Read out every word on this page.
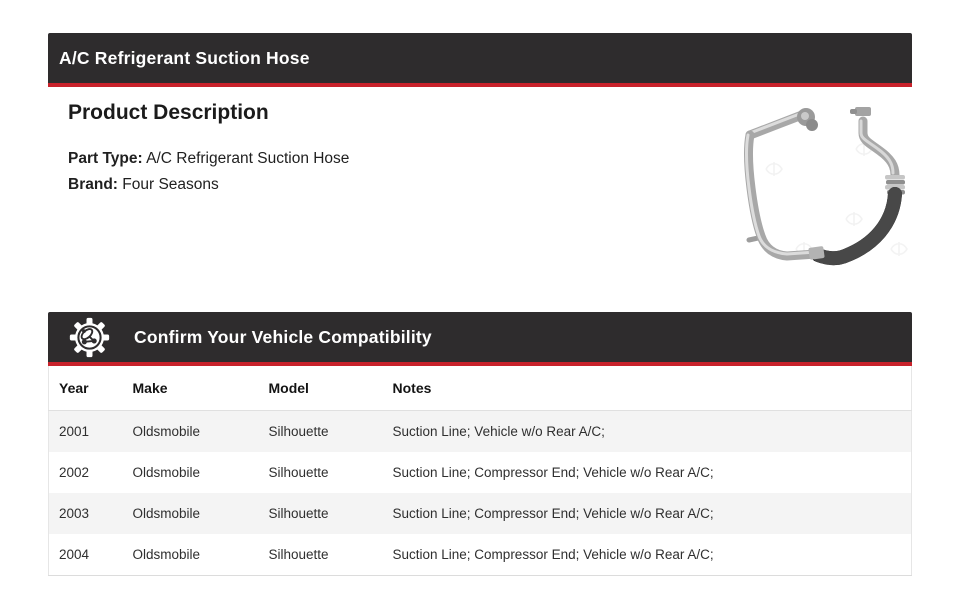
A/C Refrigerant Suction Hose
Product Description
Part Type: A/C Refrigerant Suction Hose
Brand: Four Seasons
Confirm Your Vehicle Compatibility
Year	Make	Model	Notes
2001	Oldsmobile	Silhouette	Suction Line; Vehicle w/o Rear A/C;
2002	Oldsmobile	Silhouette	Suction Line; Compressor End; Vehicle w/o Rear A/C;
2003	Oldsmobile	Silhouette	Suction Line; Compressor End; Vehicle w/o Rear A/C;
2004	Oldsmobile	Silhouette	Suction Line; Compressor End; Vehicle w/o Rear A/C;
